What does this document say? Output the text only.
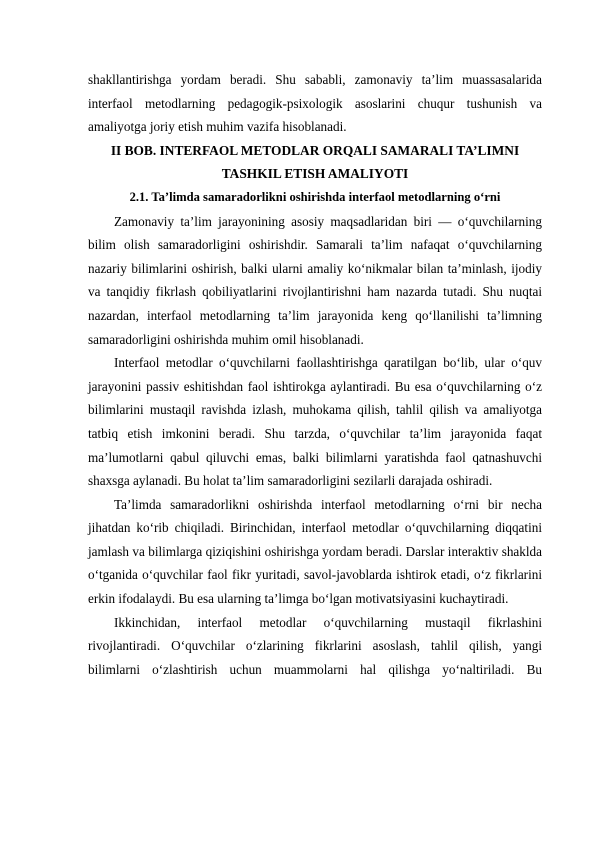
shakllantirishga yordam beradi. Shu sababli, zamonaviy ta’lim muassasalarida interfaol metodlarning pedagogik-psixologik asoslarini chuqur tushunish va amaliyotga joriy etish muhim vazifa hisoblanadi.

II BOB. INTERFAOL METODLAR ORQALI SAMARALI TA’LIMNI TASHKIL ETISH AMALIYOTI
2.1. Ta’limda samaradorlikni oshirishda interfaol metodlarning o‘rni

Zamonaviy ta’lim jarayonining asosiy maqsadlaridan biri — o‘quvchilarning bilim olish samaradorligini oshirishdir. Samarali ta’lim nafaqat o‘quvchilarning nazariy bilimlarini oshirish, balki ularni amaliy ko‘nikmalar bilan ta’minlash, ijodiy va tanqidiy fikrlash qobiliyatlarini rivojlantirishni ham nazarda tutadi. Shu nuqtai nazardan, interfaol metodlarning ta’lim jarayonida keng qo‘llanilishi ta’limning samaradorligini oshirishda muhim omil hisoblanadi.

Interfaol metodlar o‘quvchilarni faollashtirishga qaratilgan bo‘lib, ular o‘quv jarayonini passiv eshitishdan faol ishtirokga aylantiradi. Bu esa o‘quvchilarning o‘z bilimlarini mustaqil ravishda izlash, muhokama qilish, tahlil qilish va amaliyotga tatbiq etish imkonini beradi. Shu tarzda, o‘quvchilar ta’lim jarayonida faqat ma’lumotlarni qabul qiluvchi emas, balki bilimlarni yaratishda faol qatnashuvchi shaxsga aylanadi. Bu holat ta’lim samaradorligini sezilarli darajada oshiradi.

Ta’limda samaradorlikni oshirishda interfaol metodlarning o‘rni bir necha jihatdan ko‘rib chiqiladi. Birinchidan, interfaol metodlar o‘quvchilarning diqqatini jamlash va bilimlarga qiziqishini oshirishga yordam beradi. Darslar interaktiv shaklda o‘tganida o‘quvchilar faol fikr yuritadi, savol-javoblarda ishtirok etadi, o‘z fikrlarini erkin ifodalaydi. Bu esa ularning ta’limga bo‘lgan motivatsiyasini kuchaytiradi.

Ikkinchidan, interfaol metodlar o‘quvchilarning mustaqil fikrlashini rivojlantiradi. O‘quvchilar o‘zlarining fikrlarini asoslash, tahlil qilish, yangi bilimlarni o‘zlashtirish uchun muammolarni hal qilishga yo‘naltiriladi. Bu
